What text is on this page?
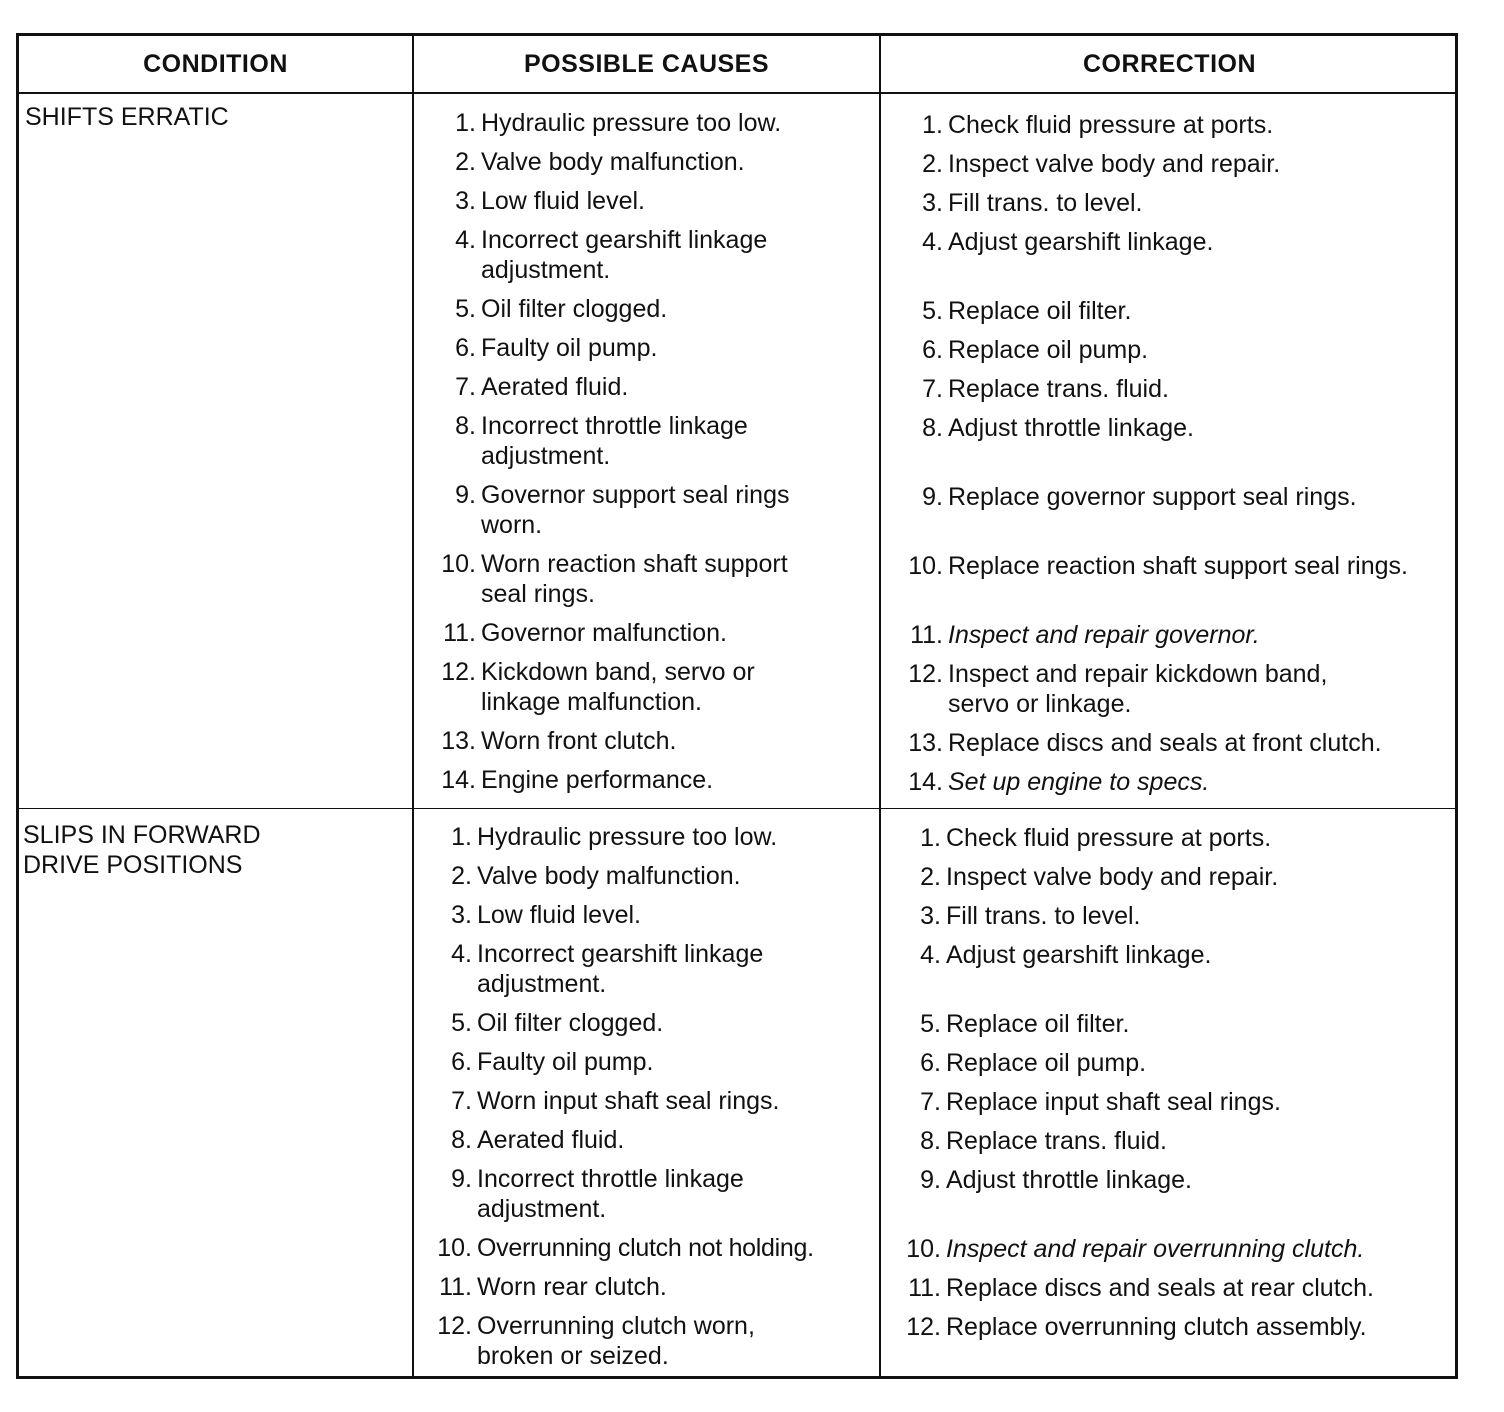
CONDITION	POSSIBLE CAUSES	CORRECTION
SHIFTS ERRATIC
SLIPS IN FORWARD
DRIVE POSITIONS
1. Hydraulic pressure too low.
2. Valve body malfunction.
3. Low fluid level.
4. Incorrect gearshift linkage adjustment.
5. Oil filter clogged.
6. Faulty oil pump.
7. Aerated fluid.
8. Incorrect throttle linkage adjustment.
9. Governor support seal rings worn.
10. Worn reaction shaft support seal rings.
11. Governor malfunction.
12. Kickdown band, servo or linkage malfunction.
13. Worn front clutch.
14. Engine performance.
1. Check fluid pressure at ports.
2. Inspect valve body and repair.
3. Fill trans. to level.
4. Adjust gearshift linkage.
5. Replace oil filter.
6. Replace oil pump.
7. Replace trans. fluid.
8. Adjust throttle linkage.
9. Replace governor support seal rings.
10. Replace reaction shaft support seal rings.
11. Inspect and repair governor.
12. Inspect and repair kickdown band, servo or linkage.
13. Replace discs and seals at front clutch.
14. Set up engine to specs.
1. Hydraulic pressure too low.
2. Valve body malfunction.
3. Low fluid level.
4. Incorrect gearshift linkage adjustment.
5. Oil filter clogged.
6. Faulty oil pump.
7. Worn input shaft seal rings.
8. Aerated fluid.
9. Incorrect throttle linkage adjustment.
10. Overrunning clutch not holding.
11. Worn rear clutch.
12. Overrunning clutch worn, broken or seized.
1. Check fluid pressure at ports.
2. Inspect valve body and repair.
3. Fill trans. to level.
4. Adjust gearshift linkage.
5. Replace oil filter.
6. Replace oil pump.
7. Replace input shaft seal rings.
8. Replace trans. fluid.
9. Adjust throttle linkage.
10. Inspect and repair overrunning clutch.
11. Replace discs and seals at rear clutch.
12. Replace overrunning clutch assembly.
